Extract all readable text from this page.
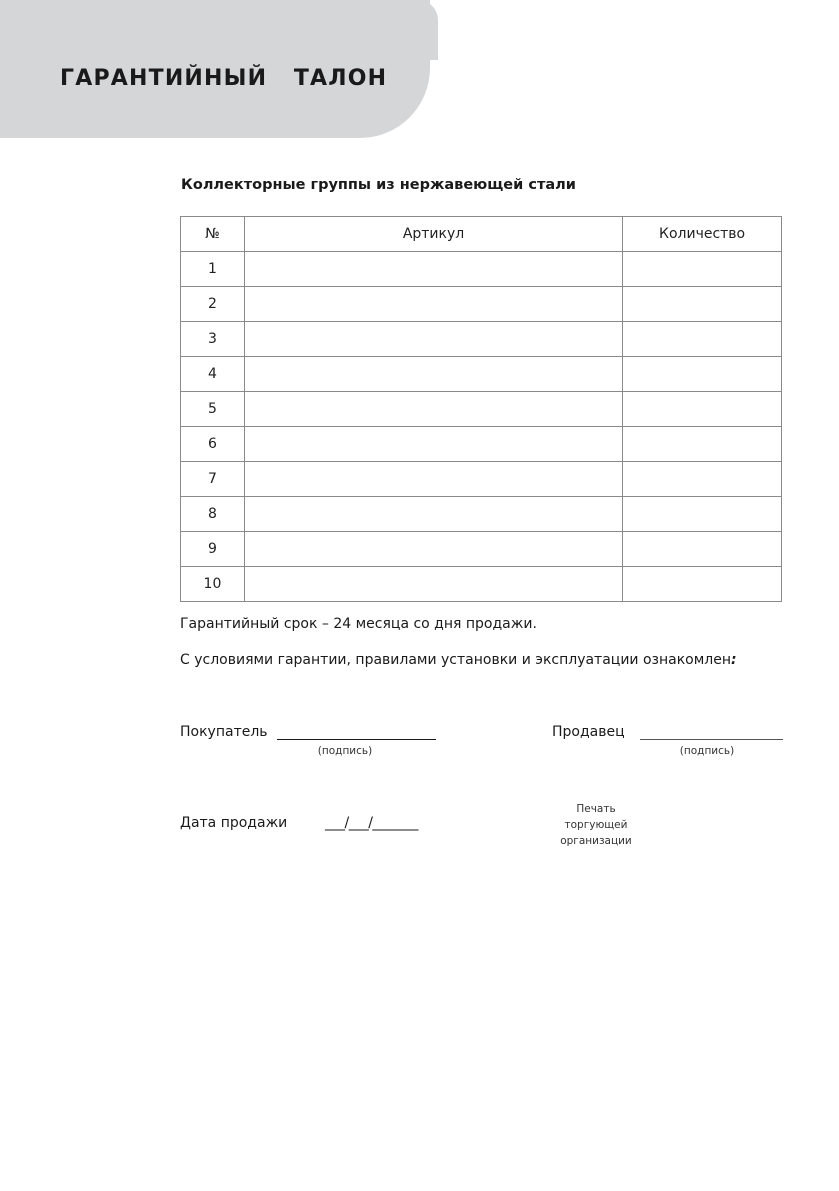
ГАРАНТИЙНЫЙ   ТАЛОН
Коллекторные группы из нержавеющей стали
№	Артикул	Количество
1		
2		
3		
4		
5		
6		
7		
8		
9		
10		
Гарантийный срок – 24 месяца со дня продажи.
С условиями гарантии, правилами установки и эксплуатации ознакомлен:
Покупатель
(подпись)
Продавец
(подпись)
Дата продажи	___/___/_______
Печать
торгующей
организации
